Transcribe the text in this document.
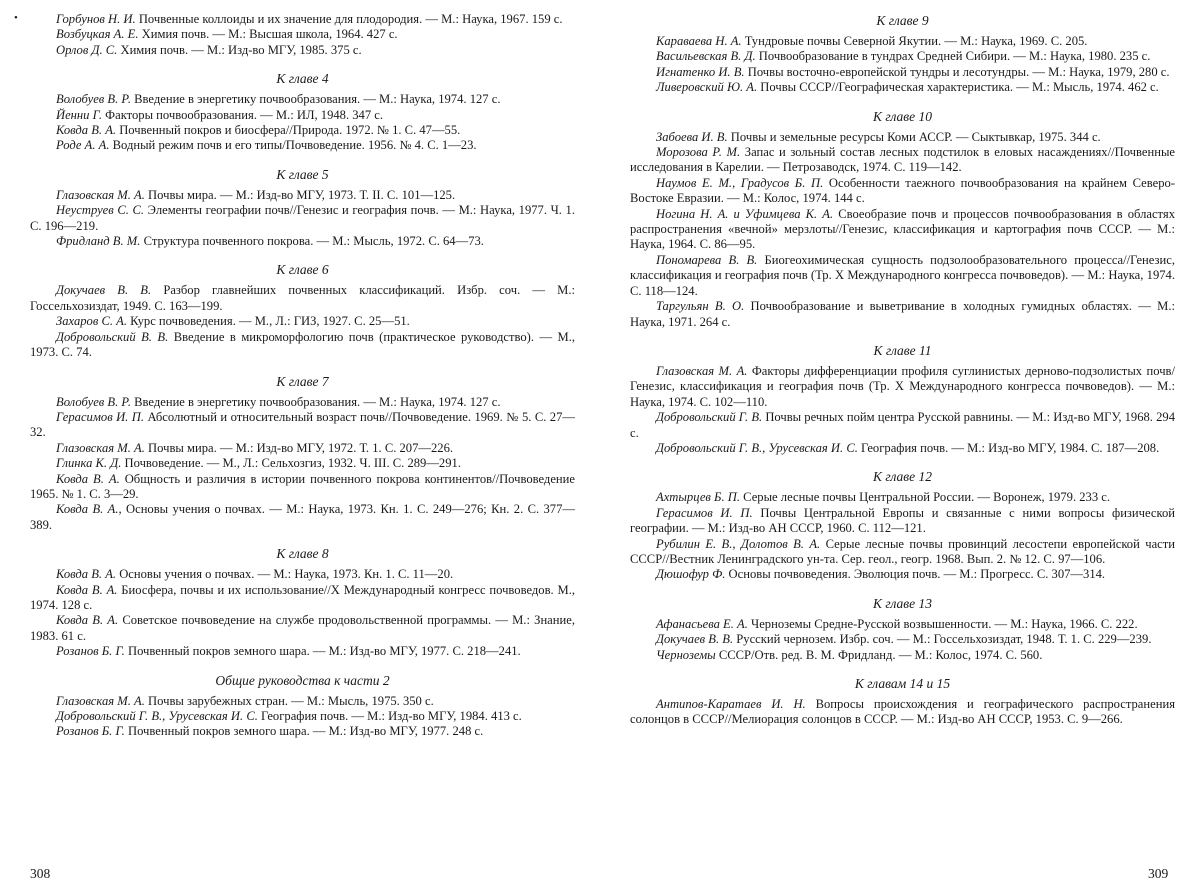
•	Горбунов Н. И. Почвенные коллоиды и их значение для плодородия. — М.: Наука, 1967. 159 с.

Возбуцкая А. Е. Химия почв. — М.: Высшая школа, 1964. 427 с.

Орлов Д. С. Химия почв. — М.: Изд-во МГУ, 1985. 375 с.

К главе 4

Волобуев В. Р. Введение в энергетику почвообразования. — М.: Наука, 1974. 127 с.

Йенни Г. Факторы почвообразования. — М.: ИЛ, 1948. 347 с.

Ковда В. А. Почвенный покров и биосфера//Природа. 1972. № 1. С. 47—55.

Роде А. А. Водный режим почв и его типы/Почвоведение. 1956. № 4. С. 1—23.

К главе 5

Глазовская М. А. Почвы мира. — М.: Изд-во МГУ, 1973. Т. II. С. 101—125.

Неуструев С. С. Элементы географии почв//Генезис и география почв. — М.: Наука, 1977. Ч. 1. С. 196—219.

Фридланд В. М. Структура почвенного покрова. — М.: Мысль, 1972. С. 64—73.

К главе 6

Докучаев В. В. Разбор главнейших почвенных классификаций. Избр. соч. — М.: Госсельхозиздат, 1949. С. 163—199.

Захаров С. А. Курс почвоведения. — М., Л.: ГИЗ, 1927. С. 25—51.

Добровольский В. В. Введение в микроморфологию почв (практическое руководство). — М., 1973. С. 74.

К главе 7

Волобуев В. Р. Введение в энергетику почвообразования. — М.: Наука, 1974. 127 с.

Герасимов И. П. Абсолютный и относительный возраст почв//Почвоведение. 1969. № 5. С. 27—32.

Глазовская М. А. Почвы мира. — М.: Изд-во МГУ, 1972. Т. 1. С. 207—226.

Глинка К. Д. Почвоведение. — М., Л.: Сельхозгиз, 1932. Ч. III. С. 289—291.

Ковда В. А. Общность и различия в истории почвенного покрова континентов//Почвоведение 1965. № 1. С. 3—29.

Ковда В. А., Основы учения о почвах. — М.: Наука, 1973. Кн. 1. С. 249—276; Кн. 2. С. 377—389.

К главе 8

Ковда В. А. Основы учения о почвах. — М.: Наука, 1973. Кн. 1. С. 11—20.

Ковда В. А. Биосфера, почвы и их использование//X Международный конгресс почвоведов. М., 1974. 128 с.

Ковда В. А. Советское почвоведение на службе продовольственной программы. — М.: Знание, 1983. 61 с.

Розанов Б. Г. Почвенный покров земного шара. — М.: Изд-во МГУ, 1977. С. 218—241.

Общие руководства к части 2

Глазовская М. А. Почвы зарубежных стран. — М.: Мысль, 1975. 350 с.

Добровольский Г. В., Урусевская И. С. География почв. — М.: Изд-во МГУ, 1984. 413 с.

Розанов Б. Г. Почвенный покров земного шара. — М.: Изд-во МГУ, 1977. 248 с.

К главе 9

Караваева Н. А. Тундровые почвы Северной Якутии. — М.: Наука, 1969. С. 205.

Васильевская В. Д. Почвообразование в тундрах Средней Сибири. — М.: Наука, 1980. 235 с.

Игнатенко И. В. Почвы восточно-европейской тундры и лесотундры. — М.: Наука, 1979, 280 с.

Ливеровский Ю. А. Почвы СССР//Географическая характеристика. — М.: Мысль, 1974. 462 с.

К главе 10

Забоева И. В. Почвы и земельные ресурсы Коми АССР. — Сыктывкар, 1975. 344 с.

Морозова Р. М. Запас и зольный состав лесных подстилок в еловых насаждениях//Почвенные исследования в Карелии. — Петрозаводск, 1974. С. 119—142.

Наумов Е. М., Градусов Б. П. Особенности таежного почвообразования на крайнем Северо-Востоке Евразии. — М.: Колос, 1974. 144 с.

Ногина Н. А. и Уфимцева К. А. Своеобразие почв и процессов почвообразования в областях распространения «вечной» мерзлоты//Генезис, классификация и картография почв СССР. — М.: Наука, 1964. С. 86—95.

Пономарева В. В. Биогеохимическая сущность подзолообразовательного процесса//Генезис, классификация и география почв (Тр. X Международного конгресса почвоведов). — М.: Наука, 1974. С. 118—124.

Таргульян В. О. Почвообразование и выветривание в холодных гумидных областях. — М.: Наука, 1971. 264 с.

К главе 11

Глазовская М. А. Факторы дифференциации профиля суглинистых дерново-подзолистых почв/Генезис, классификация и география почв (Тр. X Международного конгресса почвоведов). — М.: Наука, 1974. С. 102—110.

Добровольский Г. В. Почвы речных пойм центра Русской равнины. — М.: Изд-во МГУ, 1968. 294 с.

Добровольский Г. В., Урусевская И. С. География почв. — М.: Изд-во МГУ, 1984. С. 187—208.

К главе 12

Ахтырцев Б. П. Серые лесные почвы Центральной России. — Воронеж, 1979. 233 с.

Герасимов И. П. Почвы Центральной Европы и связанные с ними вопросы физической географии. — М.: Изд-во АН СССР, 1960. С. 112—121.

Рубилин Е. В., Долотов В. А. Серые лесные почвы провинций лесостепи европейской части СССР//Вестник Ленинградского ун-та. Сер. геол., геогр. 1968. Вып. 2. № 12. С. 97—106.

Дюшофур Ф. Основы почвоведения. Эволюция почв. — М.: Прогресс. С. 307—314.

К главе 13

Афанасьева Е. А. Черноземы Средне-Русской возвышенности. — М.: Наука, 1966. С. 222.

Докучаев В. В. Русский чернозем. Избр. соч. — М.: Госсельхозиздат, 1948. Т. 1. С. 229—239.

Черноземы СССР/Отв. ред. В. М. Фридланд. — М.: Колос, 1974. С. 560.

К главам 14 и 15

Антипов-Каратаев И. Н. Вопросы происхождения и географического распространения солонцов в СССР//Мелиорация солонцов в СССР. — М.: Изд-во АН СССР, 1953. С. 9—266.

308	309
